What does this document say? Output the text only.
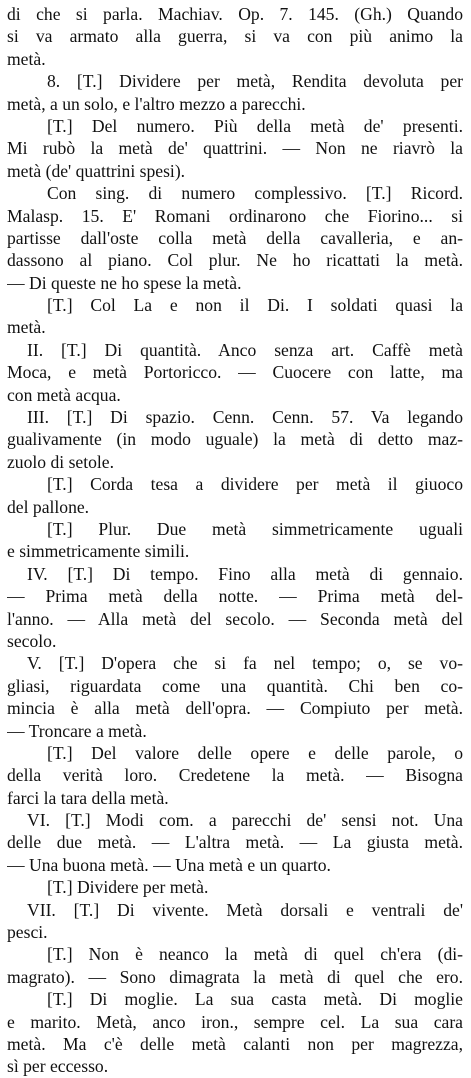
di che si parla. Machiav. Op. 7. 145. (Gh.) Quando
si va armato alla guerra, si va con più animo la
metà.
8. [T.] Dividere per metà, Rendita devoluta per
metà, a un solo, e l'altro mezzo a parecchi.
[T.] Del numero. Più della metà de' presenti.
Mi rubò la metà de' quattrini. — Non ne riavrò la
metà (de' quattrini spesi).
Con sing. di numero complessivo. [T.] Ricord.
Malasp. 15. E' Romani ordinarono che Fiorino... si
partisse dall'oste colla metà della cavalleria, e an-
dassono al piano. Col plur. Ne ho ricattati la metà.
— Di queste ne ho spese la metà.
[T.] Col La e non il Di. I soldati quasi la
metà.
II. [T.] Di quantità. Anco senza art. Caffè metà
Moca, e metà Portoricco. — Cuocere con latte, ma
con metà acqua.
III. [T.] Di spazio. Cenn. Cenn. 57. Va legando
gualivamente (in modo uguale) la metà di detto maz-
zuolo di setole.
[T.] Corda tesa a dividere per metà il giuoco
del pallone.
[T.] Plur. Due metà simmetricamente uguali
e simmetricamente simili.
IV. [T.] Di tempo. Fino alla metà di gennaio.
— Prima metà della notte. — Prima metà del-
l'anno. — Alla metà del secolo. — Seconda metà del
secolo.
V. [T.] D'opera che si fa nel tempo; o, se vo-
gliasi, riguardata come una quantità. Chi ben co-
mincia è alla metà dell'opra. — Compiuto per metà.
— Troncare a metà.
[T.] Del valore delle opere e delle parole, o
della verità loro. Credetene la metà. — Bisogna
farci la tara della metà.
VI. [T.] Modi com. a parecchi de' sensi not. Una
delle due metà. — L'altra metà. — La giusta metà.
— Una buona metà. — Una metà e un quarto.
[T.] Dividere per metà.
VII. [T.] Di vivente. Metà dorsali e ventrali de'
pesci.
[T.] Non è neanco la metà di quel ch'era (di-
magrato). — Sono dimagrata la metà di quel che ero.
[T.] Di moglie. La sua casta metà. Di moglie
e marito. Metà, anco iron., sempre cel. La sua cara
metà. Ma c'è delle metà calanti non per magrezza,
sì per eccesso.
